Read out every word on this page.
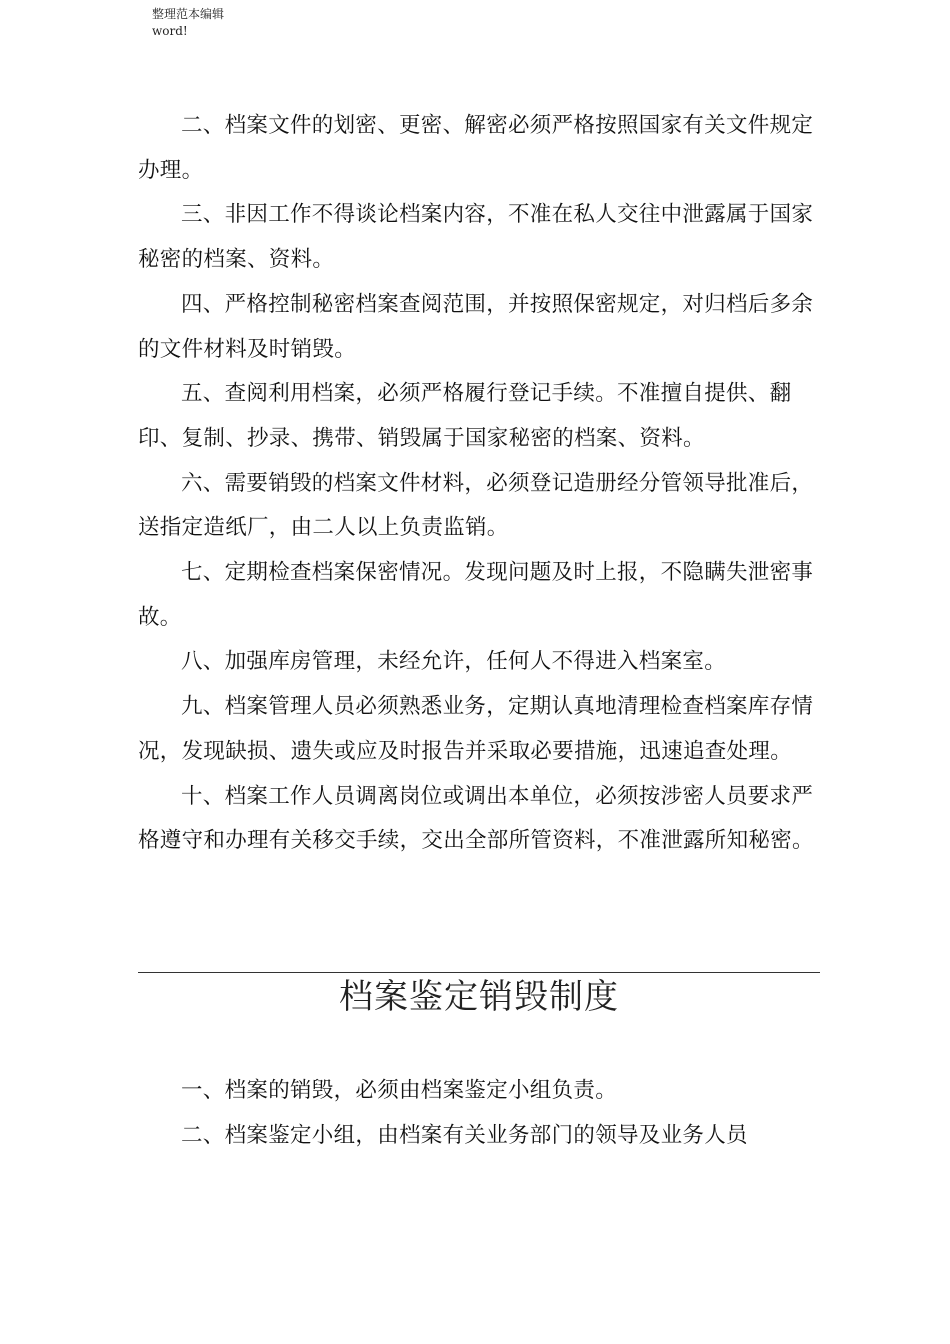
整理范本编辑
word!

二、档案文件的划密、更密、解密必须严格按照国家有关文件规定办理。

三、非因工作不得谈论档案内容，不准在私人交往中泄露属于国家秘密的档案、资料。

四、严格控制秘密档案查阅范围，并按照保密规定，对归档后多余的文件材料及时销毁。

五、查阅利用档案，必须严格履行登记手续。不准擅自提供、翻印、复制、抄录、携带、销毁属于国家秘密的档案、资料。

六、需要销毁的档案文件材料，必须登记造册经分管领导批准后，送指定造纸厂，由二人以上负责监销。

七、定期检查档案保密情况。发现问题及时上报，不隐瞒失泄密事故。

八、加强库房管理，未经允许，任何人不得进入档案室。

九、档案管理人员必须熟悉业务，定期认真地清理检查档案库存情况，发现缺损、遗失或应及时报告并采取必要措施，迅速追查处理。

十、档案工作人员调离岗位或调出本单位，必须按涉密人员要求严格遵守和办理有关移交手续，交出全部所管资料，不准泄露所知秘密。

档案鉴定销毁制度

一、档案的销毁，必须由档案鉴定小组负责。

二、档案鉴定小组，由档案有关业务部门的领导及业务人员
